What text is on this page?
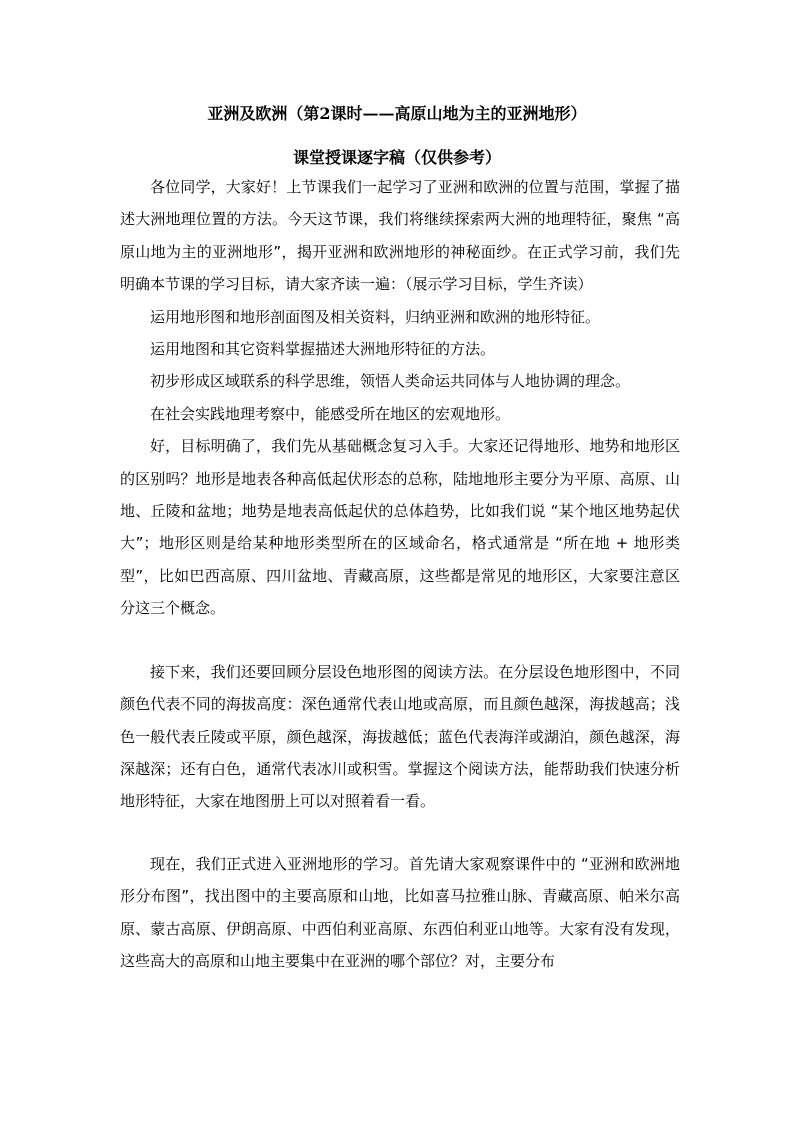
亚洲及欧洲（第2课时——高原山地为主的亚洲地形）
课堂授课逐字稿（仅供参考）

各位同学，大家好！上节课我们一起学习了亚洲和欧洲的位置与范围，掌握了描述大洲地理位置的方法。今天这节课，我们将继续探索两大洲的地理特征，聚焦 “高原山地为主的亚洲地形”，揭开亚洲和欧洲地形的神秘面纱。在正式学习前，我们先明确本节课的学习目标，请大家齐读一遍：（展示学习目标，学生齐读）

运用地形图和地形剖面图及相关资料，归纳亚洲和欧洲的地形特征。

运用地图和其它资料掌握描述大洲地形特征的方法。

初步形成区域联系的科学思维，领悟人类命运共同体与人地协调的理念。

在社会实践地理考察中，能感受所在地区的宏观地形。

好，目标明确了，我们先从基础概念复习入手。大家还记得地形、地势和地形区的区别吗？地形是地表各种高低起伏形态的总称，陆地地形主要分为平原、高原、山地、丘陵和盆地；地势是地表高低起伏的总体趋势，比如我们说 “某个地区地势起伏大”；地形区则是给某种地形类型所在的区域命名，格式通常是 “所在地 + 地形类型”，比如巴西高原、四川盆地、青藏高原，这些都是常见的地形区，大家要注意区分这三个概念。

接下来，我们还要回顾分层设色地形图的阅读方法。在分层设色地形图中，不同颜色代表不同的海拔高度：深色通常代表山地或高原，而且颜色越深，海拔越高；浅色一般代表丘陵或平原，颜色越深，海拔越低；蓝色代表海洋或湖泊，颜色越深，海深越深；还有白色，通常代表冰川或积雪。掌握这个阅读方法，能帮助我们快速分析地形特征，大家在地图册上可以对照着看一看。

现在，我们正式进入亚洲地形的学习。首先请大家观察课件中的 “亚洲和欧洲地形分布图”，找出图中的主要高原和山地，比如喜马拉雅山脉、青藏高原、帕米尔高原、蒙古高原、伊朗高原、中西伯利亚高原、东西伯利亚山地等。大家有没有发现，这些高大的高原和山地主要集中在亚洲的哪个部位？对，主要分布
